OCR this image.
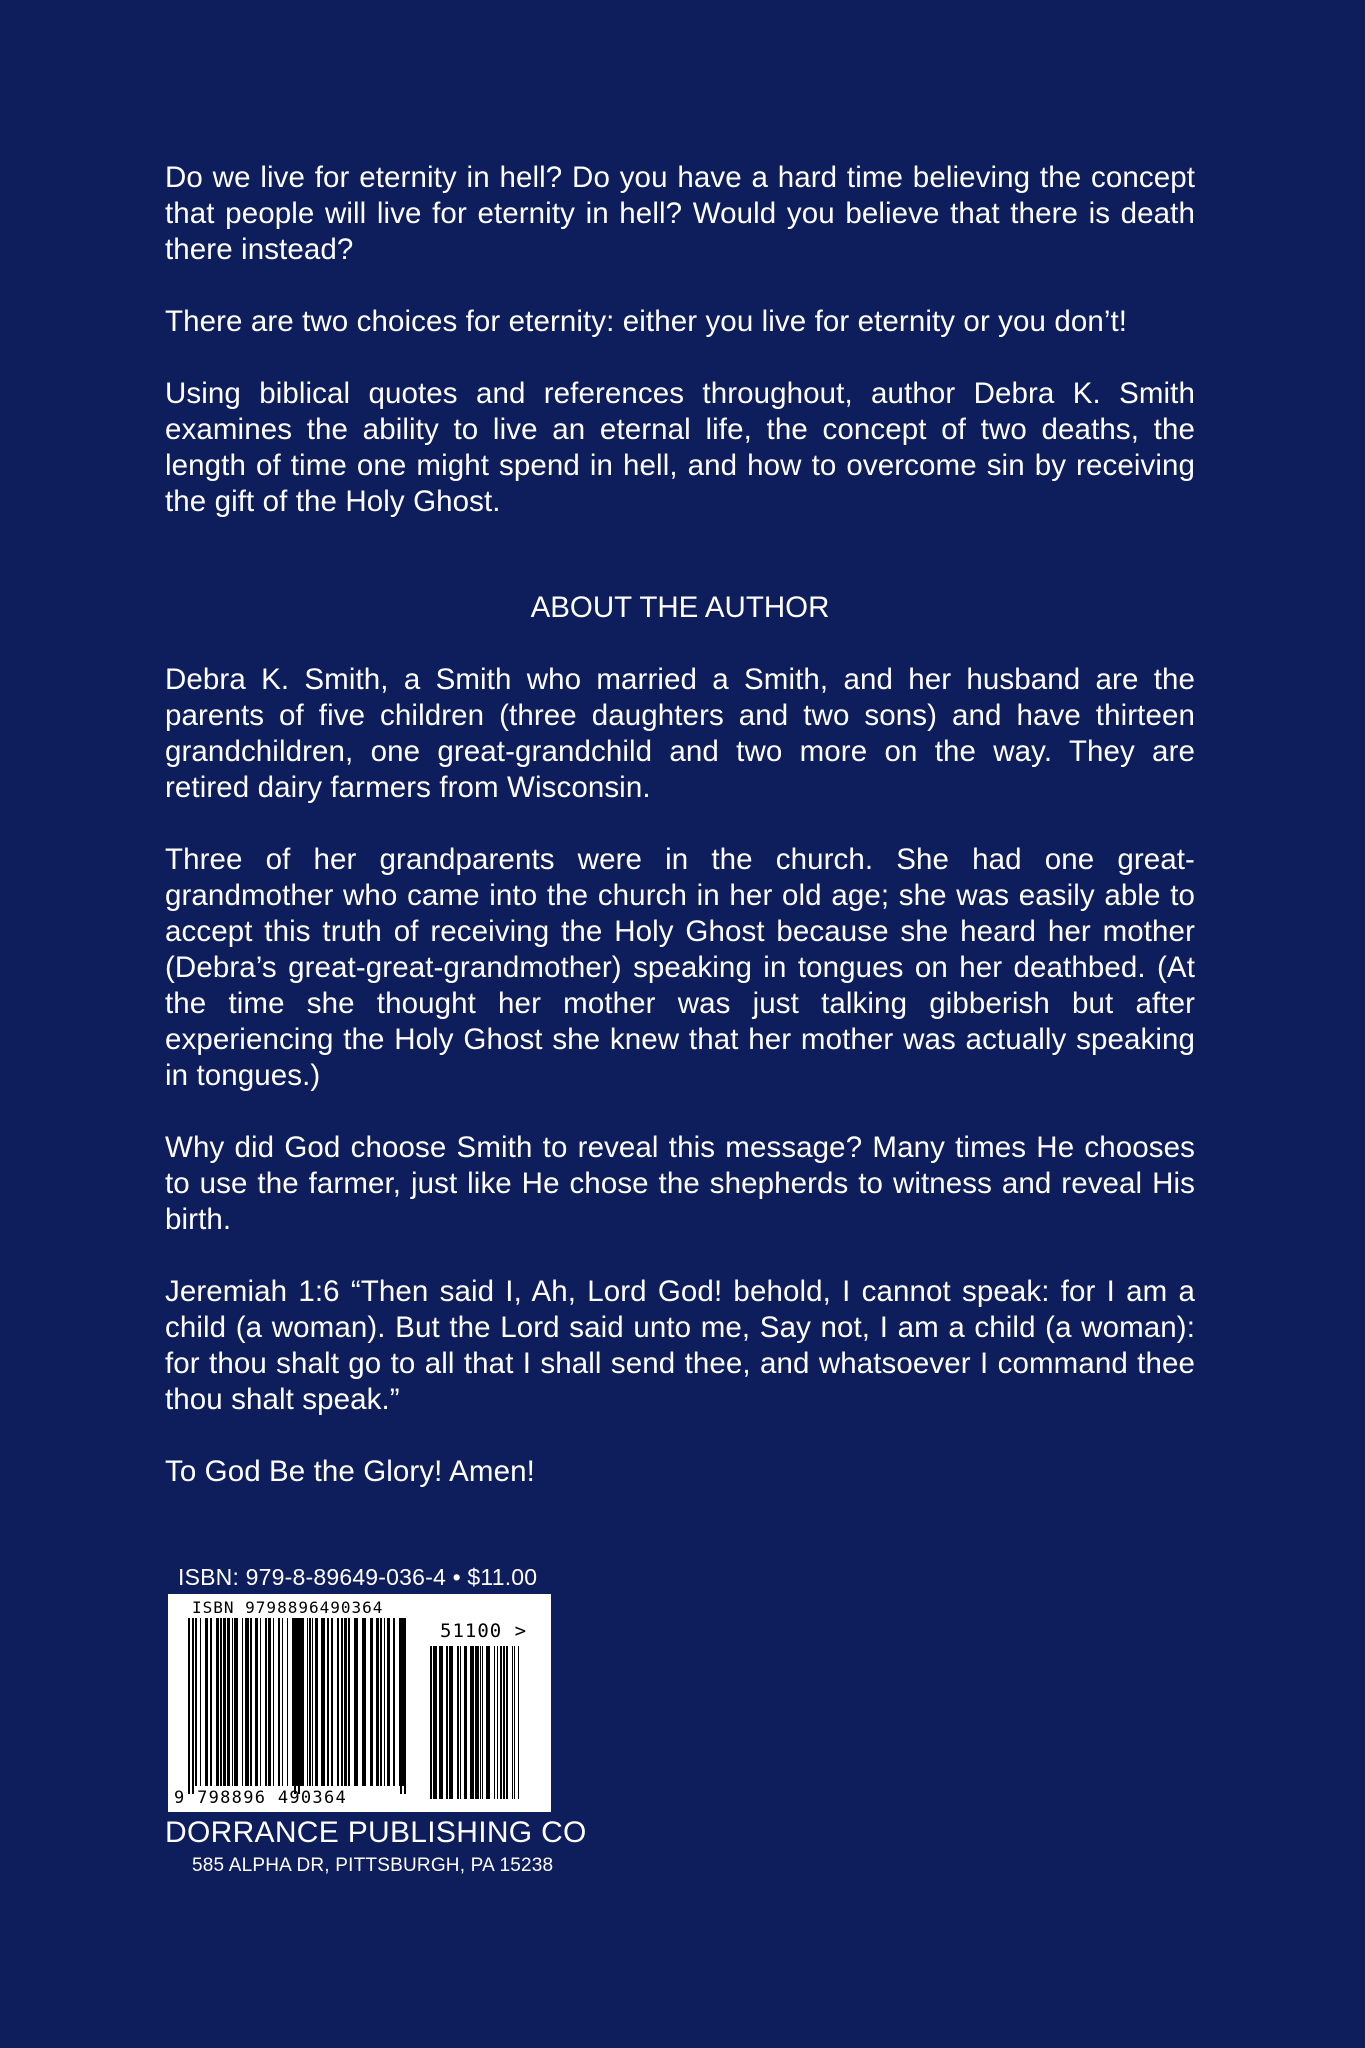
Do we live for eternity in hell? Do you have a hard time believing the concept that people will live for eternity in hell? Would you believe that there is death there instead?

There are two choices for eternity: either you live for eternity or you don’t!

Using biblical quotes and references throughout, author Debra K. Smith examines the ability to live an eternal life, the concept of two deaths, the length of time one might spend in hell, and how to overcome sin by receiving the gift of the Holy Ghost.

ABOUT THE AUTHOR

Debra K. Smith, a Smith who married a Smith, and her husband are the parents of five children (three daughters and two sons) and have thirteen grandchildren, one great-grandchild and two more on the way. They are retired dairy farmers from Wisconsin.

Three of her grandparents were in the church. She had one great-grandmother who came into the church in her old age; she was easily able to accept this truth of receiving the Holy Ghost because she heard her mother (Debra’s great-great-grandmother) speaking in tongues on her deathbed. (At the time she thought her mother was just talking gibberish but after experiencing the Holy Ghost she knew that her mother was actually speaking in tongues.)

Why did God choose Smith to reveal this message? Many times He chooses to use the farmer, just like He chose the shepherds to witness and reveal His birth.

Jeremiah 1:6 “Then said I, Ah, Lord God! behold, I cannot speak: for I am a child (a woman). But the Lord said unto me, Say not, I am a child (a woman): for thou shalt go to all that I shall send thee, and whatsoever I command thee thou shalt speak.”

To God Be the Glory! Amen!

ISBN: 979-8-89649-036-4 • $11.00
ISBN 9798896490364
51100 >
9 798896 490364
DORRANCE PUBLISHING CO
585 ALPHA DR, PITTSBURGH, PA 15238
